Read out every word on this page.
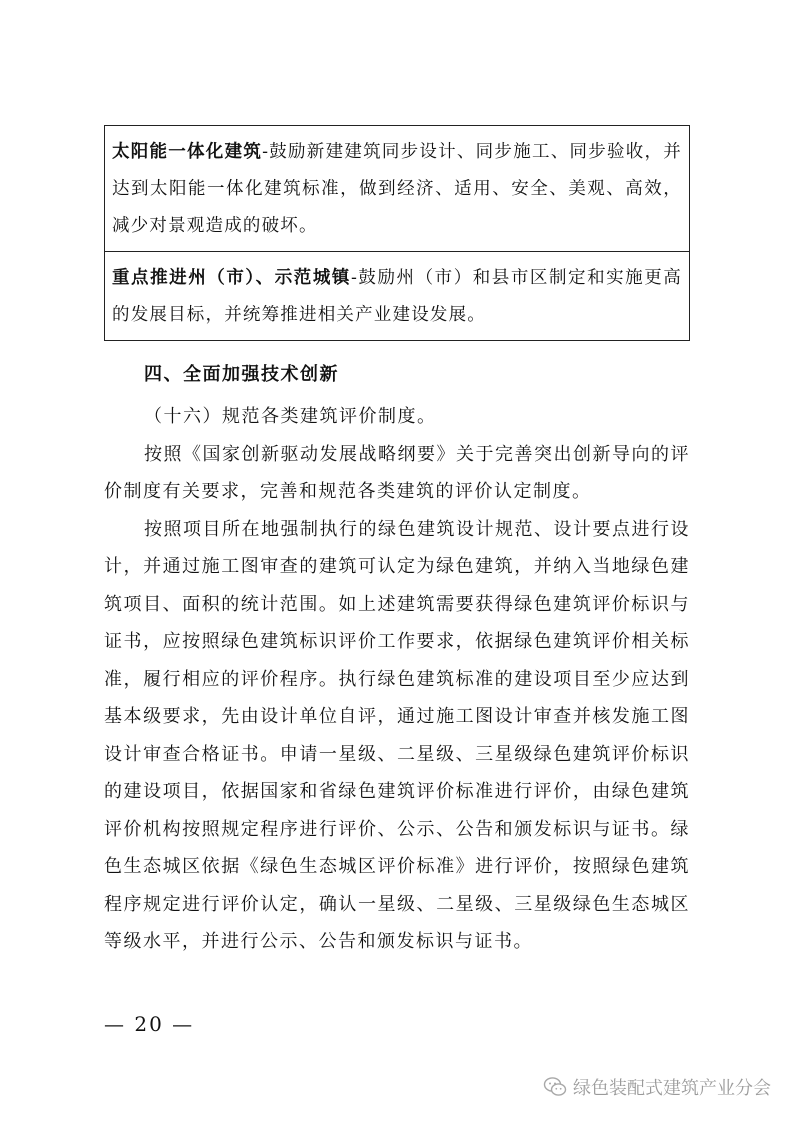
太阳能一体化建筑-鼓励新建建筑同步设计、同步施工、同步验收，并达到太阳能一体化建筑标准，做到经济、适用、安全、美观、高效，减少对景观造成的破坏。
重点推进州（市）、示范城镇-鼓励州（市）和县市区制定和实施更高的发展目标，并统筹推进相关产业建设发展。

四、全面加强技术创新

（十六）规范各类建筑评价制度。

按照《国家创新驱动发展战略纲要》关于完善突出创新导向的评价制度有关要求，完善和规范各类建筑的评价认定制度。

按照项目所在地强制执行的绿色建筑设计规范、设计要点进行设计，并通过施工图审查的建筑可认定为绿色建筑，并纳入当地绿色建筑项目、面积的统计范围。如上述建筑需要获得绿色建筑评价标识与证书，应按照绿色建筑标识评价工作要求，依据绿色建筑评价相关标准，履行相应的评价程序。执行绿色建筑标准的建设项目至少应达到基本级要求，先由设计单位自评，通过施工图设计审查并核发施工图设计审查合格证书。申请一星级、二星级、三星级绿色建筑评价标识的建设项目，依据国家和省绿色建筑评价标准进行评价，由绿色建筑评价机构按照规定程序进行评价、公示、公告和颁发标识与证书。绿色生态城区依据《绿色生态城区评价标准》进行评价，按照绿色建筑程序规定进行评价认定，确认一星级、二星级、三星级绿色生态城区等级水平，并进行公示、公告和颁发标识与证书。

— 20 —
绿色装配式建筑产业分会
